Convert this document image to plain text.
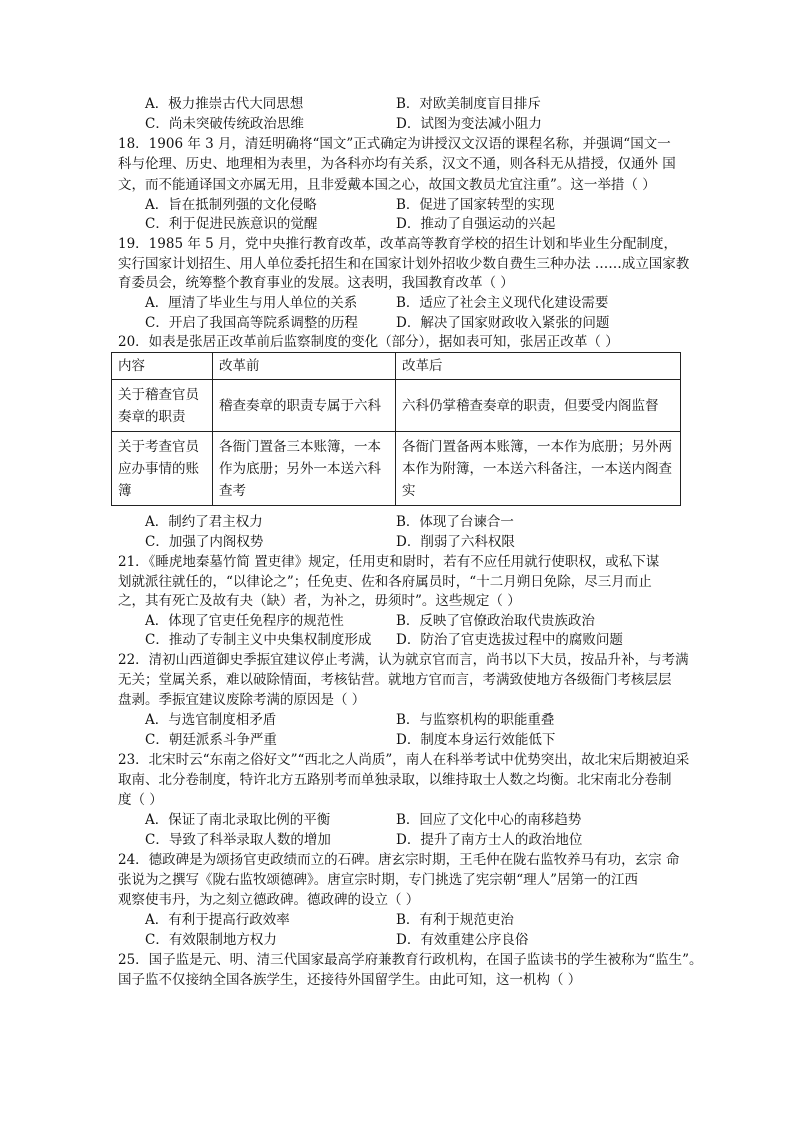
A．极力推崇古代大同思想	B．对欧美制度盲目排斥
C．尚未突破传统政治思维	D．试图为变法减小阻力
18．1906 年 3 月，清廷明确将“国文”正式确定为讲授汉文汉语的课程名称，并强调“国文一
科与伦理、历史、地理相为表里，为各科亦均有关系，汉文不通，则各科无从措授，仅通外 国
文，而不能通译国文亦属无用，且非爱戴本国之心，故国文教员尤宜注重”。这一举措（ ）
A．旨在抵制列强的文化侵略	B．促进了国家转型的实现
C．利于促进民族意识的觉醒	D．推动了自强运动的兴起
19．1985 年 5 月，党中央推行教育改革，改革高等教育学校的招生计划和毕业生分配制度，
实行国家计划招生、用人单位委托招生和在国家计划外招收少数自费生三种办法 ……成立国家教
育委员会，统筹整个教育事业的发展。这表明，我国教育改革（ ）
A．厘清了毕业生与用人单位的关系	B．适应了社会主义现代化建设需要
C．开启了我国高等院系调整的历程	D．解决了国家财政收入紧张的问题
20．如表是张居正改革前后监察制度的变化（部分），据如表可知，张居正改革（ ）
内容	改革前	改革后
关于稽查官员奏章的职责	稽查奏章的职责专属于六科	六科仍掌稽查奏章的职责，但要受内阁监督
关于考查官员应办事情的账簿	各衙门置备三本账簿，一本作为底册；另外一本送六科查考	各衙门置备两本账簿，一本作为底册；另外两本作为附簿，一本送六科备注，一本送内阁查实
A．制约了君主权力	B．体现了台谏合一
C．加强了内阁权势	D．削弱了六科权限
21．《睡虎地秦墓竹简 置吏律》规定，任用吏和尉时，若有不应任用就行使职权，或私下谋
划就派往就任的，“以律论之”；任免吏、佐和各府属员时，“十二月朔日免除，尽三月而止
之，其有死亡及故有夬（缺）者，为补之，毋须时”。这些规定（ ）
A．体现了官吏任免程序的规范性	B．反映了官僚政治取代贵族政治
C．推动了专制主义中央集权制度形成 D．防治了官吏选拔过程中的腐败问题
22．清初山西道御史季振宜建议停止考满，认为就京官而言，尚书以下大员，按品升补，与考满
无关；堂属关系，难以破除情面，考核钻营。就地方官而言，考满致使地方各级衙门考核层层
盘剥。季振宜建议废除考满的原因是（ ）
A．与选官制度相矛盾	B．与监察机构的职能重叠
C．朝廷派系斗争严重	D．制度本身运行效能低下
23．北宋时云“东南之俗好文”“西北之人尚质”，南人在科举考试中优势突出，故北宋后期被迫采
取南、北分卷制度，特许北方五路别考而单独录取，以维持取士人数之均衡。北宋南北分卷制
度（ ）
A．保证了南北录取比例的平衡	B．回应了文化中心的南移趋势
C．导致了科举录取人数的增加	D．提升了南方士人的政治地位
24．德政碑是为颂扬官吏政绩而立的石碑。唐玄宗时期，王毛仲在陇右监牧养马有功，玄宗 命
张说为之撰写《陇右监牧颂德碑》。唐宣宗时期，专门挑选了宪宗朝“理人”居第一的江西
观察使韦丹，为之刻立德政碑。德政碑的设立（ ）
A．有利于提高行政效率	B．有利于规范吏治
C．有效限制地方权力	D．有效重建公序良俗
25．国子监是元、明、清三代国家最高学府兼教育行政机构，在国子监读书的学生被称为“监生”。
国子监不仅接纳全国各族学生，还接待外国留学生。由此可知，这一机构（ ）
